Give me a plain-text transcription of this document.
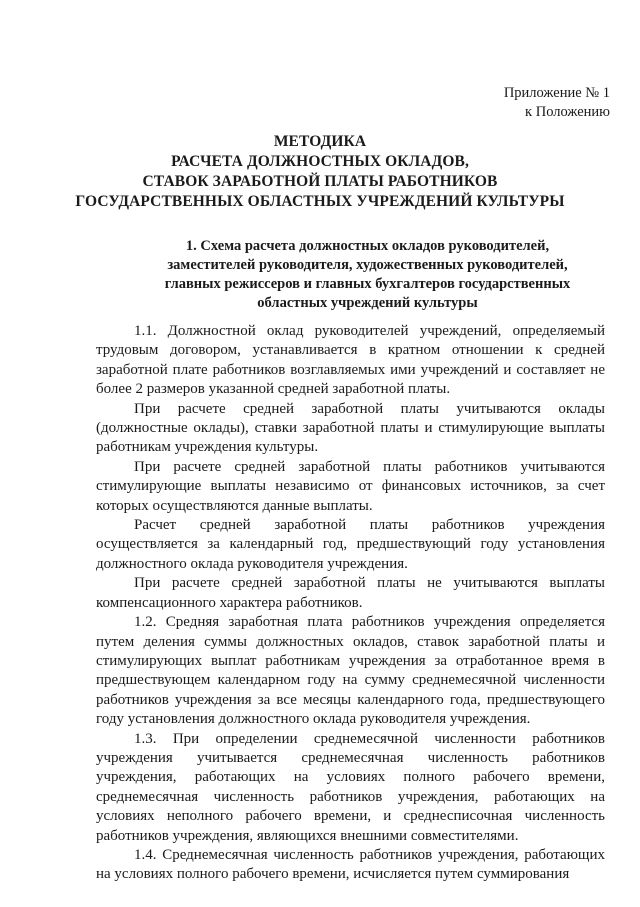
Приложение № 1
к Положению
МЕТОДИКА
РАСЧЕТА ДОЛЖНОСТНЫХ ОКЛАДОВ,
СТАВОК ЗАРАБОТНОЙ ПЛАТЫ РАБОТНИКОВ
ГОСУДАРСТВЕННЫХ ОБЛАСТНЫХ УЧРЕЖДЕНИЙ КУЛЬТУРЫ
1. Схема расчета должностных окладов руководителей,
заместителей руководителя, художественных руководителей,
главных режиссеров и главных бухгалтеров государственных
областных учреждений культуры

1.1. Должностной оклад руководителей учреждений, определяемый трудовым договором, устанавливается в кратном отношении к средней заработной плате работников возглавляемых ими учреждений и составляет не более 2 размеров указанной средней заработной платы.

При расчете средней заработной платы учитываются оклады (должностные оклады), ставки заработной платы и стимулирующие выплаты работникам учреждения культуры.

При расчете средней заработной платы работников учитываются стимулирующие выплаты независимо от финансовых источников, за счет которых осуществляются данные выплаты.

Расчет средней заработной платы работников учреждения осуществляется за календарный год, предшествующий году установления должностного оклада руководителя учреждения.

При расчете средней заработной платы не учитываются выплаты компенсационного характера работников.

1.2. Средняя заработная плата работников учреждения определяется путем деления суммы должностных окладов, ставок заработной платы и стимулирующих выплат работникам учреждения за отработанное время в предшествующем календарном году на сумму среднемесячной численности работников учреждения за все месяцы календарного года, предшествующего году установления должностного оклада руководителя учреждения.

1.3. При определении среднемесячной численности работников учреждения учитывается среднемесячная численность работников учреждения, работающих на условиях полного рабочего времени, среднемесячная численность работников учреждения, работающих на условиях неполного рабочего времени, и среднесписочная численность работников учреждения, являющихся внешними совместителями.

1.4. Среднемесячная численность работников учреждения, работающих на условиях полного рабочего времени, исчисляется путем суммирования
